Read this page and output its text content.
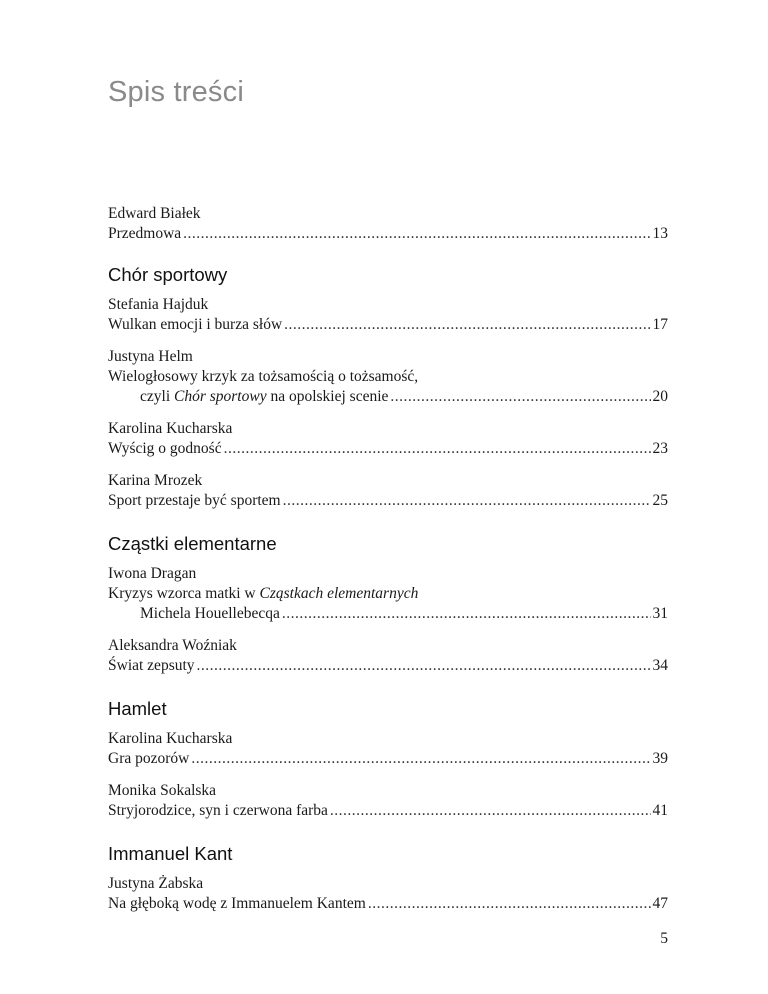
Spis treści
Edward Białek
Przedmowa .....	13
Chór sportowy
Stefania Hajduk
Wulkan emocji i burza słów .....	17
Justyna Helm
Wielogłosowy krzyk za tożsamością o tożsamość,
czyli Chór sportowy na opolskiej scenie .....	20
Karolina Kucharska
Wyścig o godność .....	23
Karina Mrozek
Sport przestaje być sportem .....	25
Cząstki elementarne
Iwona Dragan
Kryzys wzorca matki w Cząstkach elementarnych
Michela Houellebecqa .....	31
Aleksandra Woźniak
Świat zepsuty .....	34
Hamlet
Karolina Kucharska
Gra pozorów .....	39
Monika Sokalska
Stryjorodzice, syn i czerwona farba .....	41
Immanuel Kant
Justyna Żabska
Na głęboką wodę z Immanuelem Kantem .....	47
5
